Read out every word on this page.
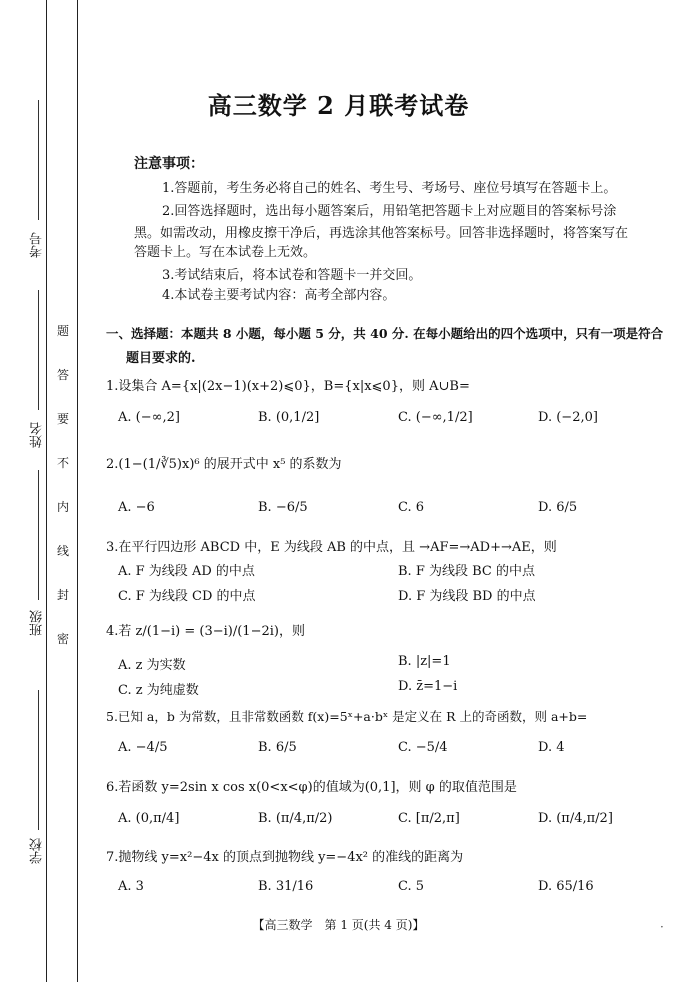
考号
姓名
班级
学校
题
答
要
不
内
线
封
密
高三数学 2 月联考试卷
注意事项：
1.答题前，考生务必将自己的姓名、考生号、考场号、座位号填写在答题卡上。
2.回答选择题时，选出每小题答案后，用铅笔把答题卡上对应题目的答案标号涂
黑。如需改动，用橡皮擦干净后，再选涂其他答案标号。回答非选择题时，将答案写在
答题卡上。写在本试卷上无效。
3.考试结束后，将本试卷和答题卡一并交回。
4.本试卷主要考试内容：高考全部内容。
一、选择题：本题共 8 小题，每小题 5 分，共 40 分. 在每小题给出的四个选项中，只有一项是符合
题目要求的.
1.设集合 A={x|(2x−1)(x+2)⩽0}，B={x|x⩽0}，则 A∪B=
A. (−∞,2]	B. (0,1/2]	C. (−∞,1/2]	D. (−2,0]
2.(1−(1/∛5)x)⁶ 的展开式中 x⁵ 的系数为
A. −6	B. −6/5	C. 6	D. 6/5
3.在平行四边形 ABCD 中，E 为线段 AB 的中点，且 →AF=→AD+→AE，则
A. F 为线段 AD 的中点	B. F 为线段 BC 的中点
C. F 为线段 CD 的中点	D. F 为线段 BD 的中点
4.若 z/(1−i) = (3−i)/(1−2i)，则
A. z 为实数	B. |z|=1
C. z 为纯虚数	D. z̄=1−i
5.已知 a，b 为常数，且非常数函数 f(x)=5ˣ+a·bˣ 是定义在 R 上的奇函数，则 a+b=
A. −4/5	B. 6/5	C. −5/4	D. 4
6.若函数 y=2sin x cos x(0<x<φ)的值域为(0,1]，则 φ 的取值范围是
A. (0,π/4]	B. (π/4,π/2)	C. [π/2,π]	D. (π/4,π/2]
7.抛物线 y=x²−4x 的顶点到抛物线 y=−4x² 的准线的距离为
A. 3	B. 31/16	C. 5	D. 65/16
【高三数学　第 1 页(共 4 页)】	·
